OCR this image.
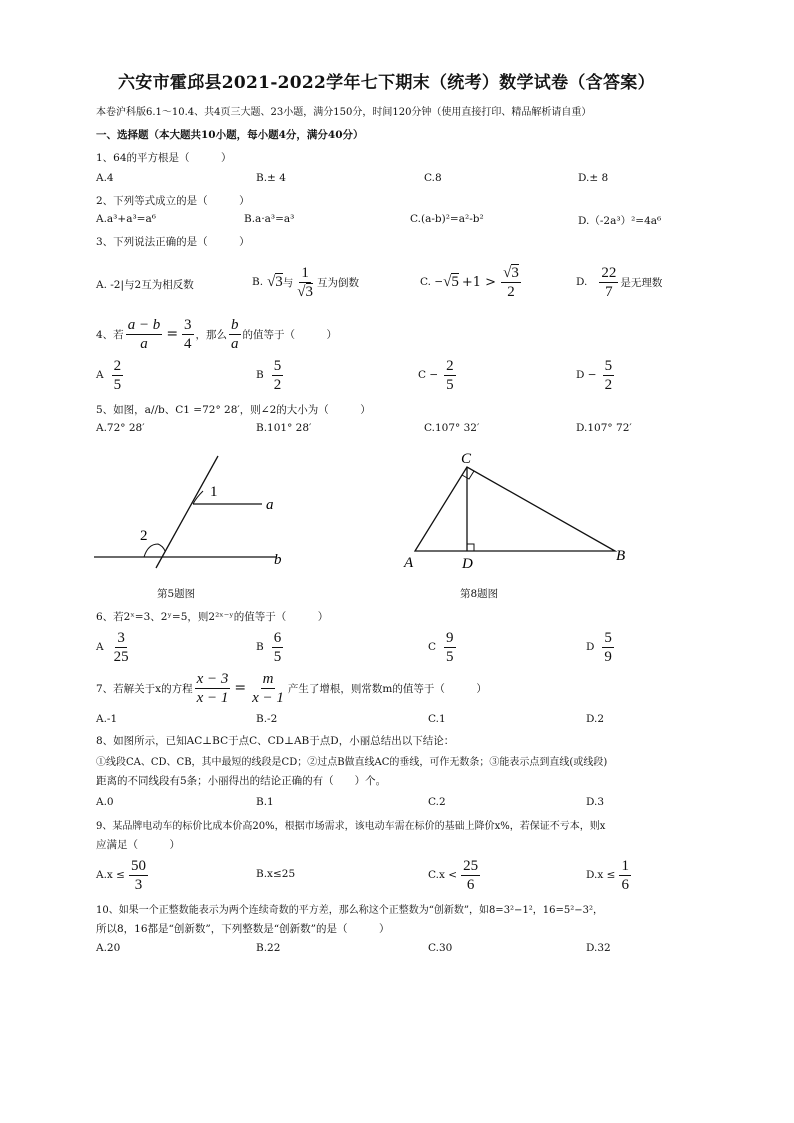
六安市霍邱县2021-2022学年七下期末（统考）数学试卷（含答案）
本卷沪科版6.1～10.4、共4页三大题、23小题，满分150分，时间120分钟（使用直接打印、精品解析请自重）
一、选择题（本大题共10小题，每小题4分，满分40分）
1、64的平方根是（　　　）
A.4	B.± 4	C.8	D.± 8
2、下列等式成立的是（　　　）
A.a³+a³=a⁶	B.a·a³=a³	C.(a-b)²=a²-b²	D.（-2a³）²=4a⁶
3、下列说法正确的是（　　　）
A. -2|与2互为相反数	B. √3 与 $\frac{1}{√3}$ 互为倒数	C. − $√5 +1 > \frac{√3}{2}$	D. $\frac{22}{7}$ 是无理数
4、若 $\frac{a - b}{a} = \frac{3}{4}$ ，那么 $\frac{b}{a}$ 的值等于（　　　）
A $\frac{2}{5}$	B $\frac{5}{2}$	$C - \frac{2}{5}$	$D - \frac{5}{2}$
5、如图，a//b、C1 =72° 28′，则∠2的大小为（　　　）
A.72° 28′	B.101° 28′	C.107° 32′	D.107° 72′
1
2
a
b
第5题图
C
A	D	B
第8题图
6、若2ˣ=3、2ʸ=5，则2²ˣ⁻ʸ的值等于（　　　）
A $\frac{3}{25}$	B $\frac{6}{5}$	C $\frac{9}{5}$	D $\frac{5}{9}$
7、若解关于x的方程 $\frac{x - 3}{x - 1} = \frac{m}{x - 1}$ 产生了增根，则常数m的值等于（　　　）
A.-1	B.-2	C.1	D.2
8、如图所示，已知AC⊥BC于点C、CD⊥AB于点D，小丽总结出以下结论：
①线段CA、CD、CB，其中最短的线段是CD；②过点B做直线AC的垂线，可作无数条；③能表示点到直线(或线段)
距离的不同线段有5条；小丽得出的结论正确的有（　　）个。
A.0	B.1	C.2	D.3
9、某品牌电动车的标价比成本价高20%，根据市场需求，该电动车需在标价的基础上降价x%，若保证不亏本，则x
应满足（　　　）
$A.x \le \frac{50}{3}$	B.x≤25	$C.x < \frac{25}{6}$	$D.x \le \frac{1}{6}$
10、如果一个正整数能表示为两个连续奇数的平方差，那么称这个正整数为“创新数”，如8=3²−1²，16=5²−3²，
所以8，16都是“创新数”，下列整数是“创新数”的是（　　　）
A.20	B.22	C.30	D.32
